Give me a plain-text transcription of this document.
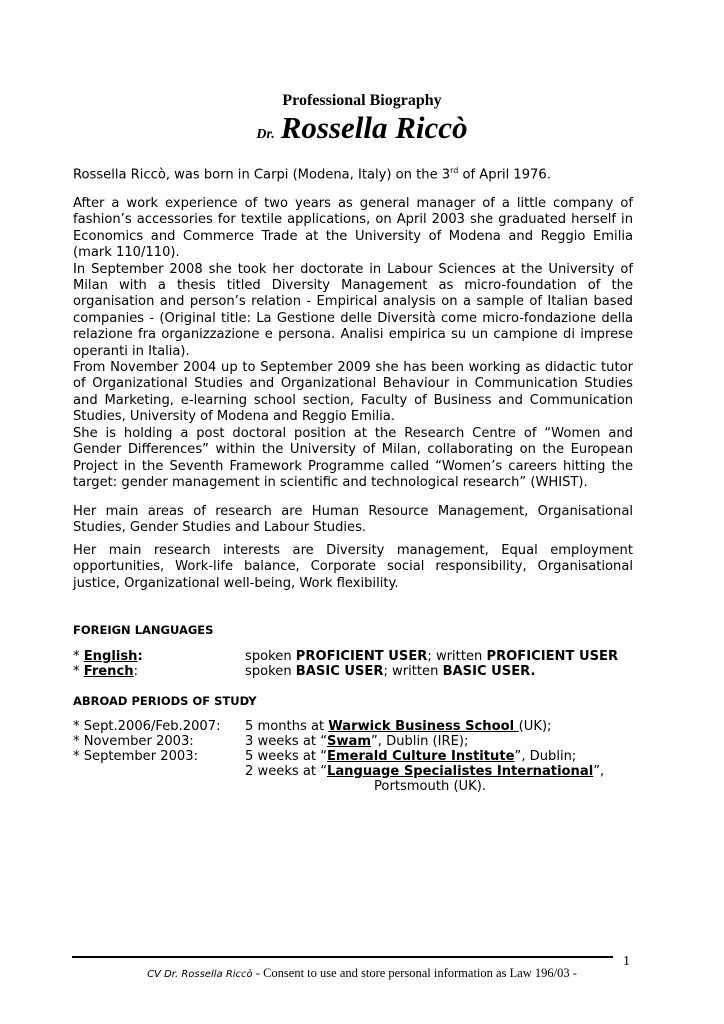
Professional Biography
Dr. Rossella Riccò
Rossella Riccò, was born in Carpi (Modena, Italy) on the 3rd of April 1976.

After a work experience of two years as general manager of a little company of fashion’s accessories for textile applications, on April 2003 she graduated herself in Economics and Commerce Trade at the University of Modena and Reggio Emilia (mark 110/110).

In September 2008 she took her doctorate in Labour Sciences at the University of Milan with a thesis titled Diversity Management as micro-foundation of the organisation and person’s relation - Empirical analysis on a sample of Italian based companies - (Original title: La Gestione delle Diversità come micro-fondazione della relazione fra organizzazione e persona. Analisi empirica su un campione di imprese operanti in Italia).

From November 2004 up to September 2009 she has been working as didactic tutor of Organizational Studies and Organizational Behaviour in Communication Studies and Marketing, e-learning school section, Faculty of Business and Communication Studies, University of Modena and Reggio Emilia.

She is holding a post doctoral position at the Research Centre of “Women and Gender Differences” within the University of Milan, collaborating on the European Project in the Seventh Framework Programme called “Women’s careers hitting the target: gender management in scientific and technological research” (WHIST).

Her main areas of research are Human Resource Management, Organisational Studies, Gender Studies and Labour Studies.
Her main research interests are Diversity management, Equal employment opportunities, Work-life balance, Corporate social responsibility, Organisational justice, Organizational well-being, Work flexibility.
FOREIGN LANGUAGES
* English:	spoken PROFICIENT USER; written PROFICIENT USER
* French:	spoken BASIC USER; written BASIC USER.
ABROAD PERIODS OF STUDY
* Sept.2006/Feb.2007: 5 months at Warwick Business School (UK);
* November 2003:	3 weeks at “Swam”, Dublin (IRE);
* September 2003:	5 weeks at “Emerald Culture Institute”, Dublin;
2 weeks at “Language Specialistes International”,
Portsmouth (UK).
1
CV Dr. Rossella Riccò - Consent to use and store personal information as Law 196/03 -
